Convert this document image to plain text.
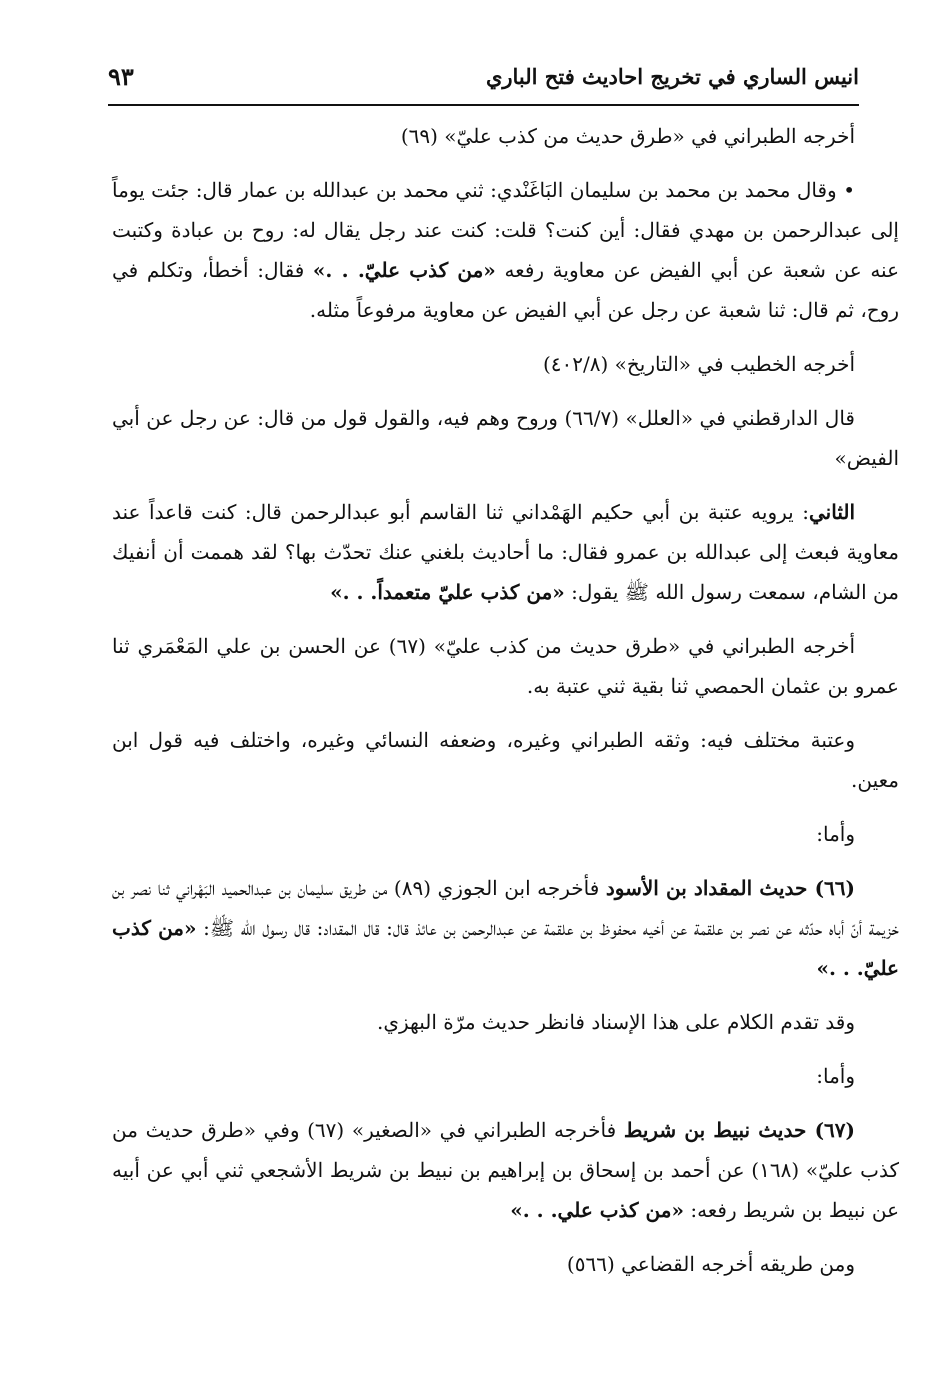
انيس الساري في تخريج احاديث فتح الباري
٩٣

أخرجه الطبراني في «طرق حديث من كذب عليّ» (٦٩)

• وقال محمد بن محمد بن سليمان البَاغَنْدي: ثني محمد بن عبدالله بن عمار قال: جئت يوماً إلى عبدالرحمن بن مهدي فقال: أين كنت؟ قلت: كنت عند رجل يقال له: روح بن عبادة وكتبت عنه عن شعبة عن أبي الفيض عن معاوية رفعه «من كذب عليّ. . .» فقال: أخطأ، وتكلم في روح، ثم قال: ثنا شعبة عن رجل عن أبي الفيض عن معاوية مرفوعاً مثله.

أخرجه الخطيب في «التاريخ» (٤٠٢/٨)

قال الدارقطني في «العلل» (٦٦/٧) وروح وهم فيه، والقول قول من قال: عن رجل عن أبي الفيض»

الثاني: يرويه عتبة بن أبي حكيم الهَمْداني ثنا القاسم أبو عبدالرحمن قال: كنت قاعداً عند معاوية فبعث إلى عبدالله بن عمرو فقال: ما أحاديث بلغني عنك تحدّث بها؟ لقد هممت أن أنفيك من الشام، سمعت رسول الله ﷺ يقول: «من كذب عليّ متعمداً. . .»

أخرجه الطبراني في «طرق حديث من كذب عليّ» (٦٧) عن الحسن بن علي المَعْمَري ثنا عمرو بن عثمان الحمصي ثنا بقية ثني عتبة به.

وعتبة مختلف فيه: وثقه الطبراني وغيره، وضعفه النسائي وغيره، واختلف فيه قول ابن معين.

وأما:

(٦٦) حديث المقداد بن الأسود فأخرجه ابن الجوزي (٨٩) من طريق سليمان بن عبدالحميد البَهْراني ثنا نصر بن خزيمة أنّ أباه حدّثه عن نصر بن علقمة عن أخيه محفوظ بن علقمة عن عبدالرحمن بن عائذ قال: قال المقداد: قال رسول الله ﷺ: «من كذب عليّ. . .»

وقد تقدم الكلام على هذا الإسناد فانظر حديث مرّة البهزي.

وأما:

(٦٧) حديث نبيط بن شريط فأخرجه الطبراني في «الصغير» (٦٧) وفي «طرق حديث من كذب عليّ» (١٦٨) عن أحمد بن إسحاق بن إبراهيم بن نبيط بن شريط الأشجعي ثني أبي عن أبيه عن نبيط بن شريط رفعه: «من كذب علي. . .»

ومن طريقه أخرجه القضاعي (٥٦٦)
